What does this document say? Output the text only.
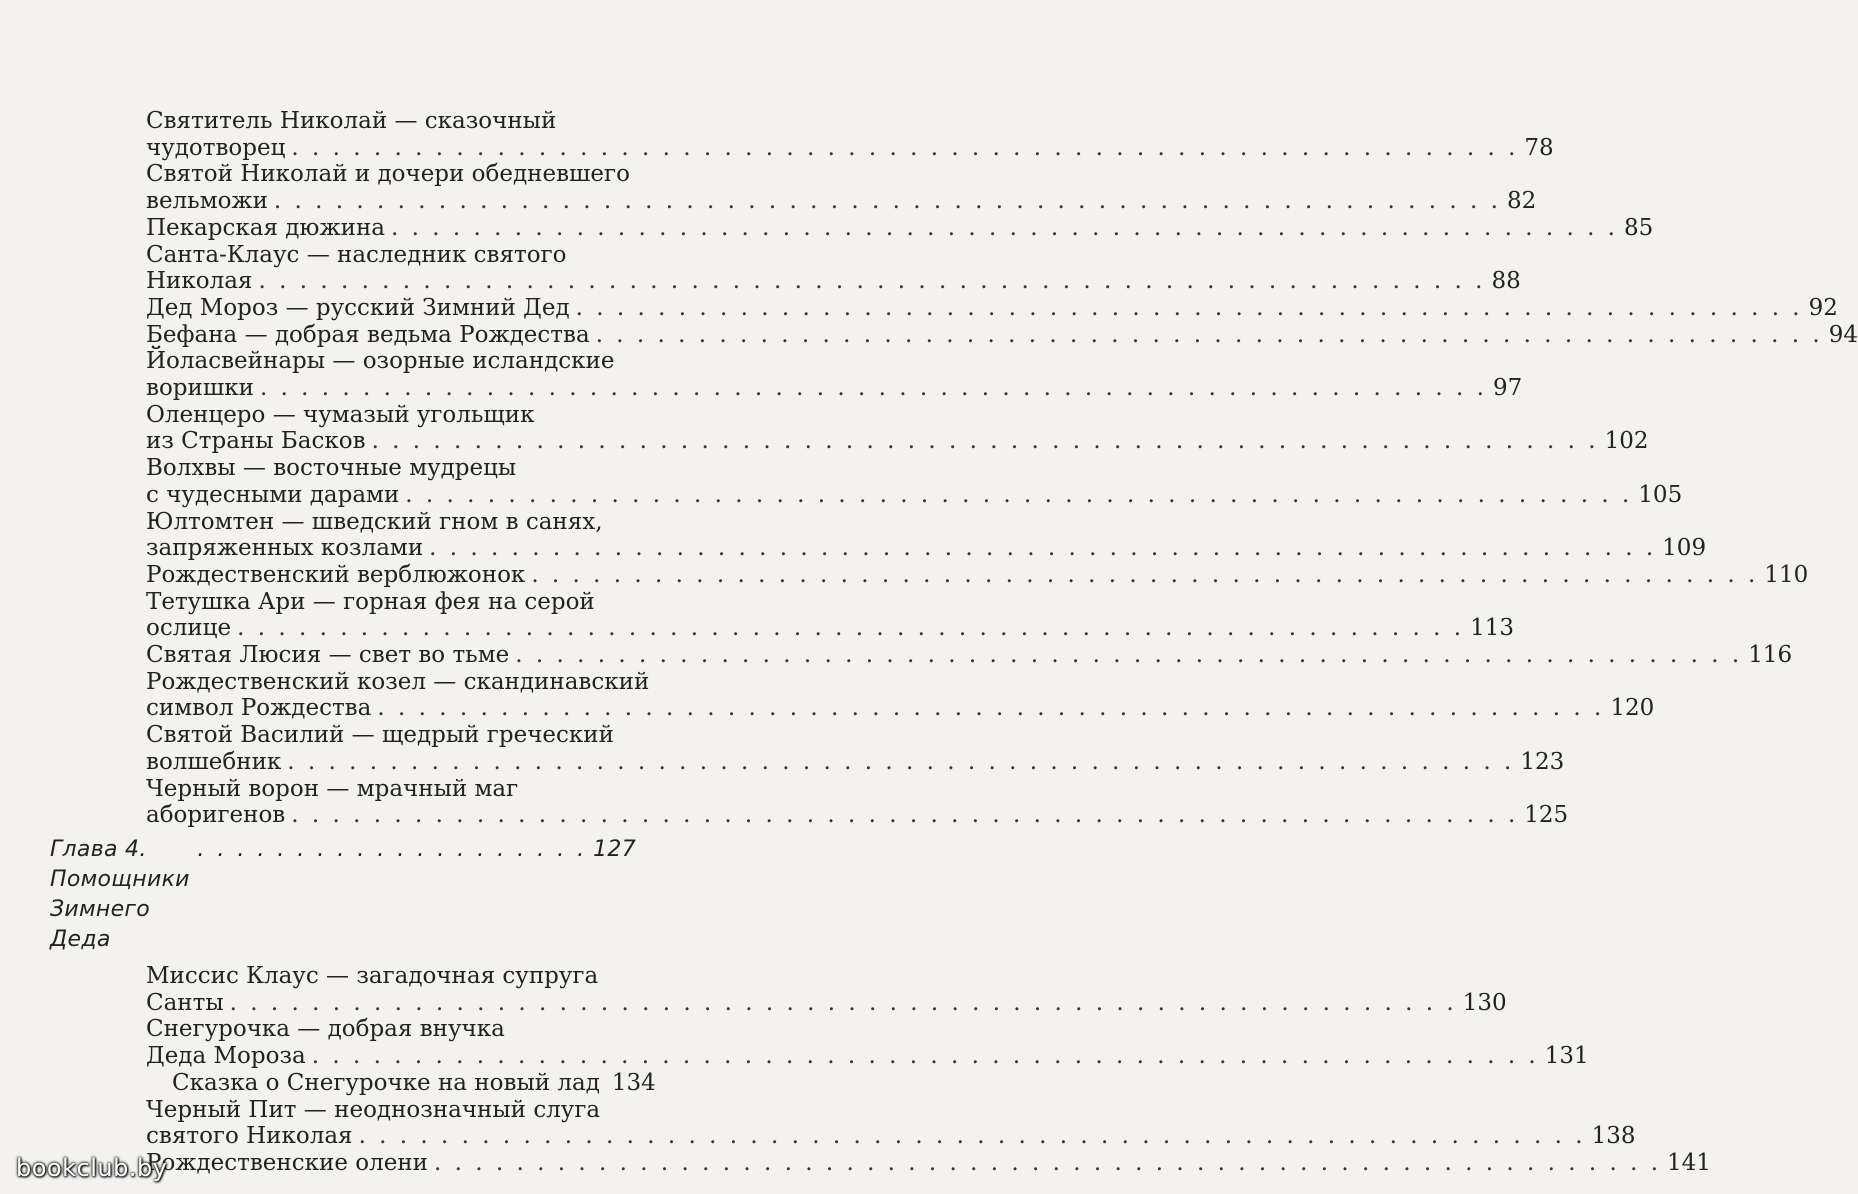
Святитель Николай — сказочный
чудотворец . . . . . . . . . . . . . . . . . . . . . . . . . . . . . . . . . . . . . . . . . . . . . . . . . . . . . . . . . . . . 78
Святой Николай и дочери обедневшего
вельможи . . . . . . . . . . . . . . . . . . . . . . . . . . . . . . . . . . . . . . . . . . . . . . . . . . . . . . . . . . . . 82
Пекарская дюжина . . . . . . . . . . . . . . . . . . . . . . . . . . . . . . . . . . . . . . . . . . . . . . . . . . . . . . . . . . . . 85
Санта-Клаус — наследник святого
Николая . . . . . . . . . . . . . . . . . . . . . . . . . . . . . . . . . . . . . . . . . . . . . . . . . . . . . . . . . . . . 88
Дед Мороз — русский Зимний Дед . . . . . . . . . . . . . . . . . . . . . . . . . . . . . . . . . . . . . . . . . . . . . . . . . . . . . . . . . . . . 92
Бефана — добрая ведьма Рождества . . . . . . . . . . . . . . . . . . . . . . . . . . . . . . . . . . . . . . . . . . . . . . . . . . . . . . . . . . . . 94
Йоласвейнары — озорные исландские
воришки . . . . . . . . . . . . . . . . . . . . . . . . . . . . . . . . . . . . . . . . . . . . . . . . . . . . . . . . . . . . 97
Оленцеро — чумазый угольщик
из Страны Басков . . . . . . . . . . . . . . . . . . . . . . . . . . . . . . . . . . . . . . . . . . . . . . . . . . . . . . . . . . . . 102
Волхвы — восточные мудрецы
с чудесными дарами . . . . . . . . . . . . . . . . . . . . . . . . . . . . . . . . . . . . . . . . . . . . . . . . . . . . . . . . . . . . 105
Юлтомтен — шведский гном в санях,
запряженных козлами . . . . . . . . . . . . . . . . . . . . . . . . . . . . . . . . . . . . . . . . . . . . . . . . . . . . . . . . . . . . 109
Рождественский верблюжонок . . . . . . . . . . . . . . . . . . . . . . . . . . . . . . . . . . . . . . . . . . . . . . . . . . . . . . . . . . . . 110
Тетушка Ари — горная фея на серой
ослице . . . . . . . . . . . . . . . . . . . . . . . . . . . . . . . . . . . . . . . . . . . . . . . . . . . . . . . . . . . . 113
Святая Люсия — свет во тьме . . . . . . . . . . . . . . . . . . . . . . . . . . . . . . . . . . . . . . . . . . . . . . . . . . . . . . . . . . . . 116
Рождественский козел — скандинавский
символ Рождества . . . . . . . . . . . . . . . . . . . . . . . . . . . . . . . . . . . . . . . . . . . . . . . . . . . . . . . . . . . . 120
Святой Василий — щедрый греческий
волшебник . . . . . . . . . . . . . . . . . . . . . . . . . . . . . . . . . . . . . . . . . . . . . . . . . . . . . . . . . . . . 123
Черный ворон — мрачный маг
аборигенов . . . . . . . . . . . . . . . . . . . . . . . . . . . . . . . . . . . . . . . . . . . . . . . . . . . . . . . . . . . . 125
Глава 4. Помощники Зимнего Деда
. . . . . . . . . . . . . . . . . . . . 127
Миссис Клаус — загадочная супруга
Санты . . . . . . . . . . . . . . . . . . . . . . . . . . . . . . . . . . . . . . . . . . . . . . . . . . . . . . . . . . . . 130
Снегурочка — добрая внучка
Деда Мороза . . . . . . . . . . . . . . . . . . . . . . . . . . . . . . . . . . . . . . . . . . . . . . . . . . . . . . . . . . . . 131
Сказка о Снегурочке на новый лад 134
Черный Пит — неоднозначный слуга
святого Николая . . . . . . . . . . . . . . . . . . . . . . . . . . . . . . . . . . . . . . . . . . . . . . . . . . . . . . . . . . . . 138
Рождественские олени . . . . . . . . . . . . . . . . . . . . . . . . . . . . . . . . . . . . . . . . . . . . . . . . . . . . . . . . . . . . 141
bookclub.by
